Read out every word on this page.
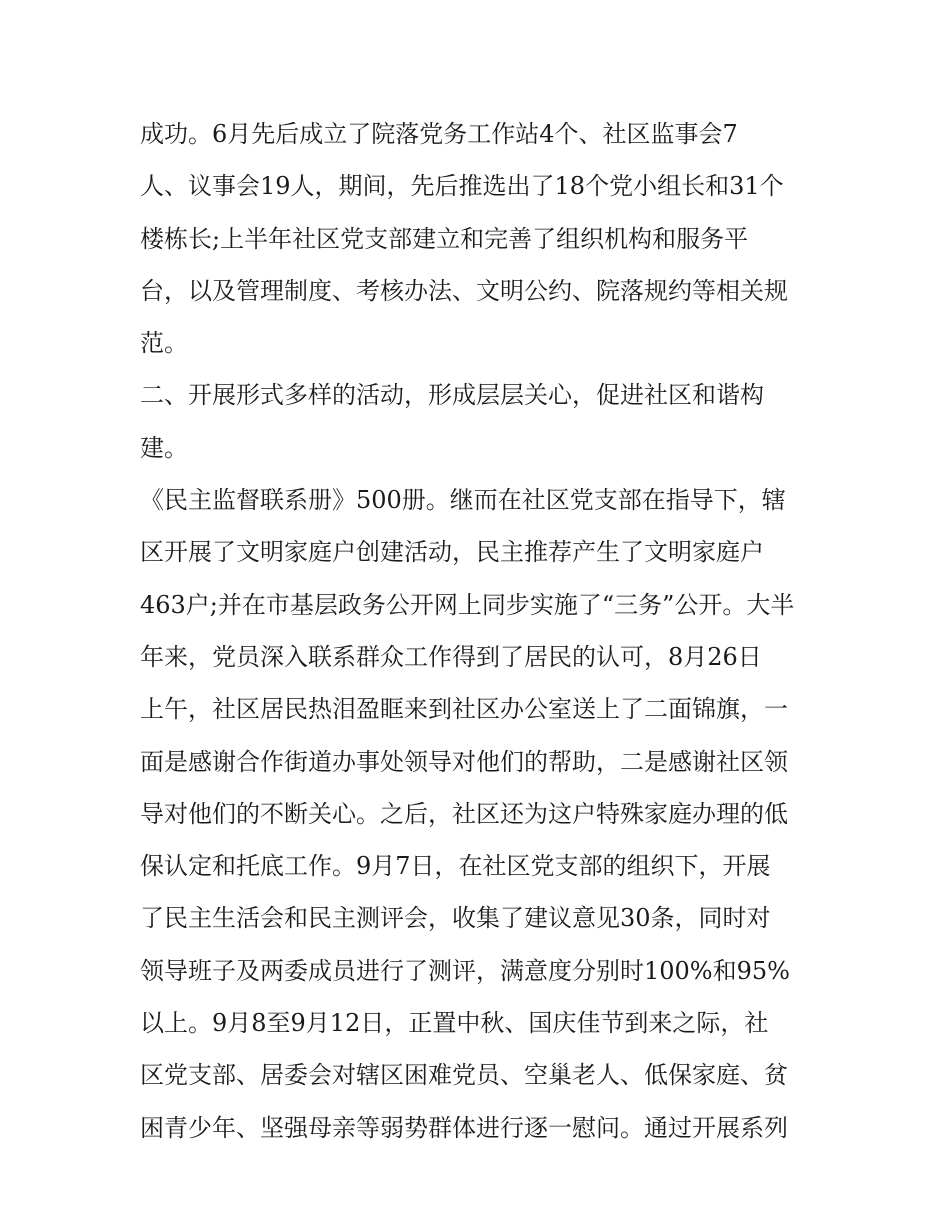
成功。6月先后成立了院落党务工作站4个、社区监事会7
人、议事会19人，期间，先后推选出了18个党小组长和31个
楼栋长;上半年社区党支部建立和完善了组织机构和服务平
台，以及管理制度、考核办法、文明公约、院落规约等相关规
范。
二、开展形式多样的活动，形成层层关心，促进社区和谐构
建。
《民主监督联系册》500册。继而在社区党支部在指导下，辖
区开展了文明家庭户创建活动，民主推荐产生了文明家庭户
463户;并在市基层政务公开网上同步实施了“三务”公开。大半
年来，党员深入联系群众工作得到了居民的认可，8月26日
上午，社区居民热泪盈眶来到社区办公室送上了二面锦旗，一
面是感谢合作街道办事处领导对他们的帮助，二是感谢社区领
导对他们的不断关心。之后，社区还为这户特殊家庭办理的低
保认定和托底工作。9月7日，在社区党支部的组织下，开展
了民主生活会和民主测评会，收集了建议意见30条，同时对
领导班子及两委成员进行了测评，满意度分别时100%和95%
以上。9月8至9月12日，正置中秋、国庆佳节到来之际，社
区党支部、居委会对辖区困难党员、空巢老人、低保家庭、贫
困青少年、坚强母亲等弱势群体进行逐一慰问。通过开展系列
